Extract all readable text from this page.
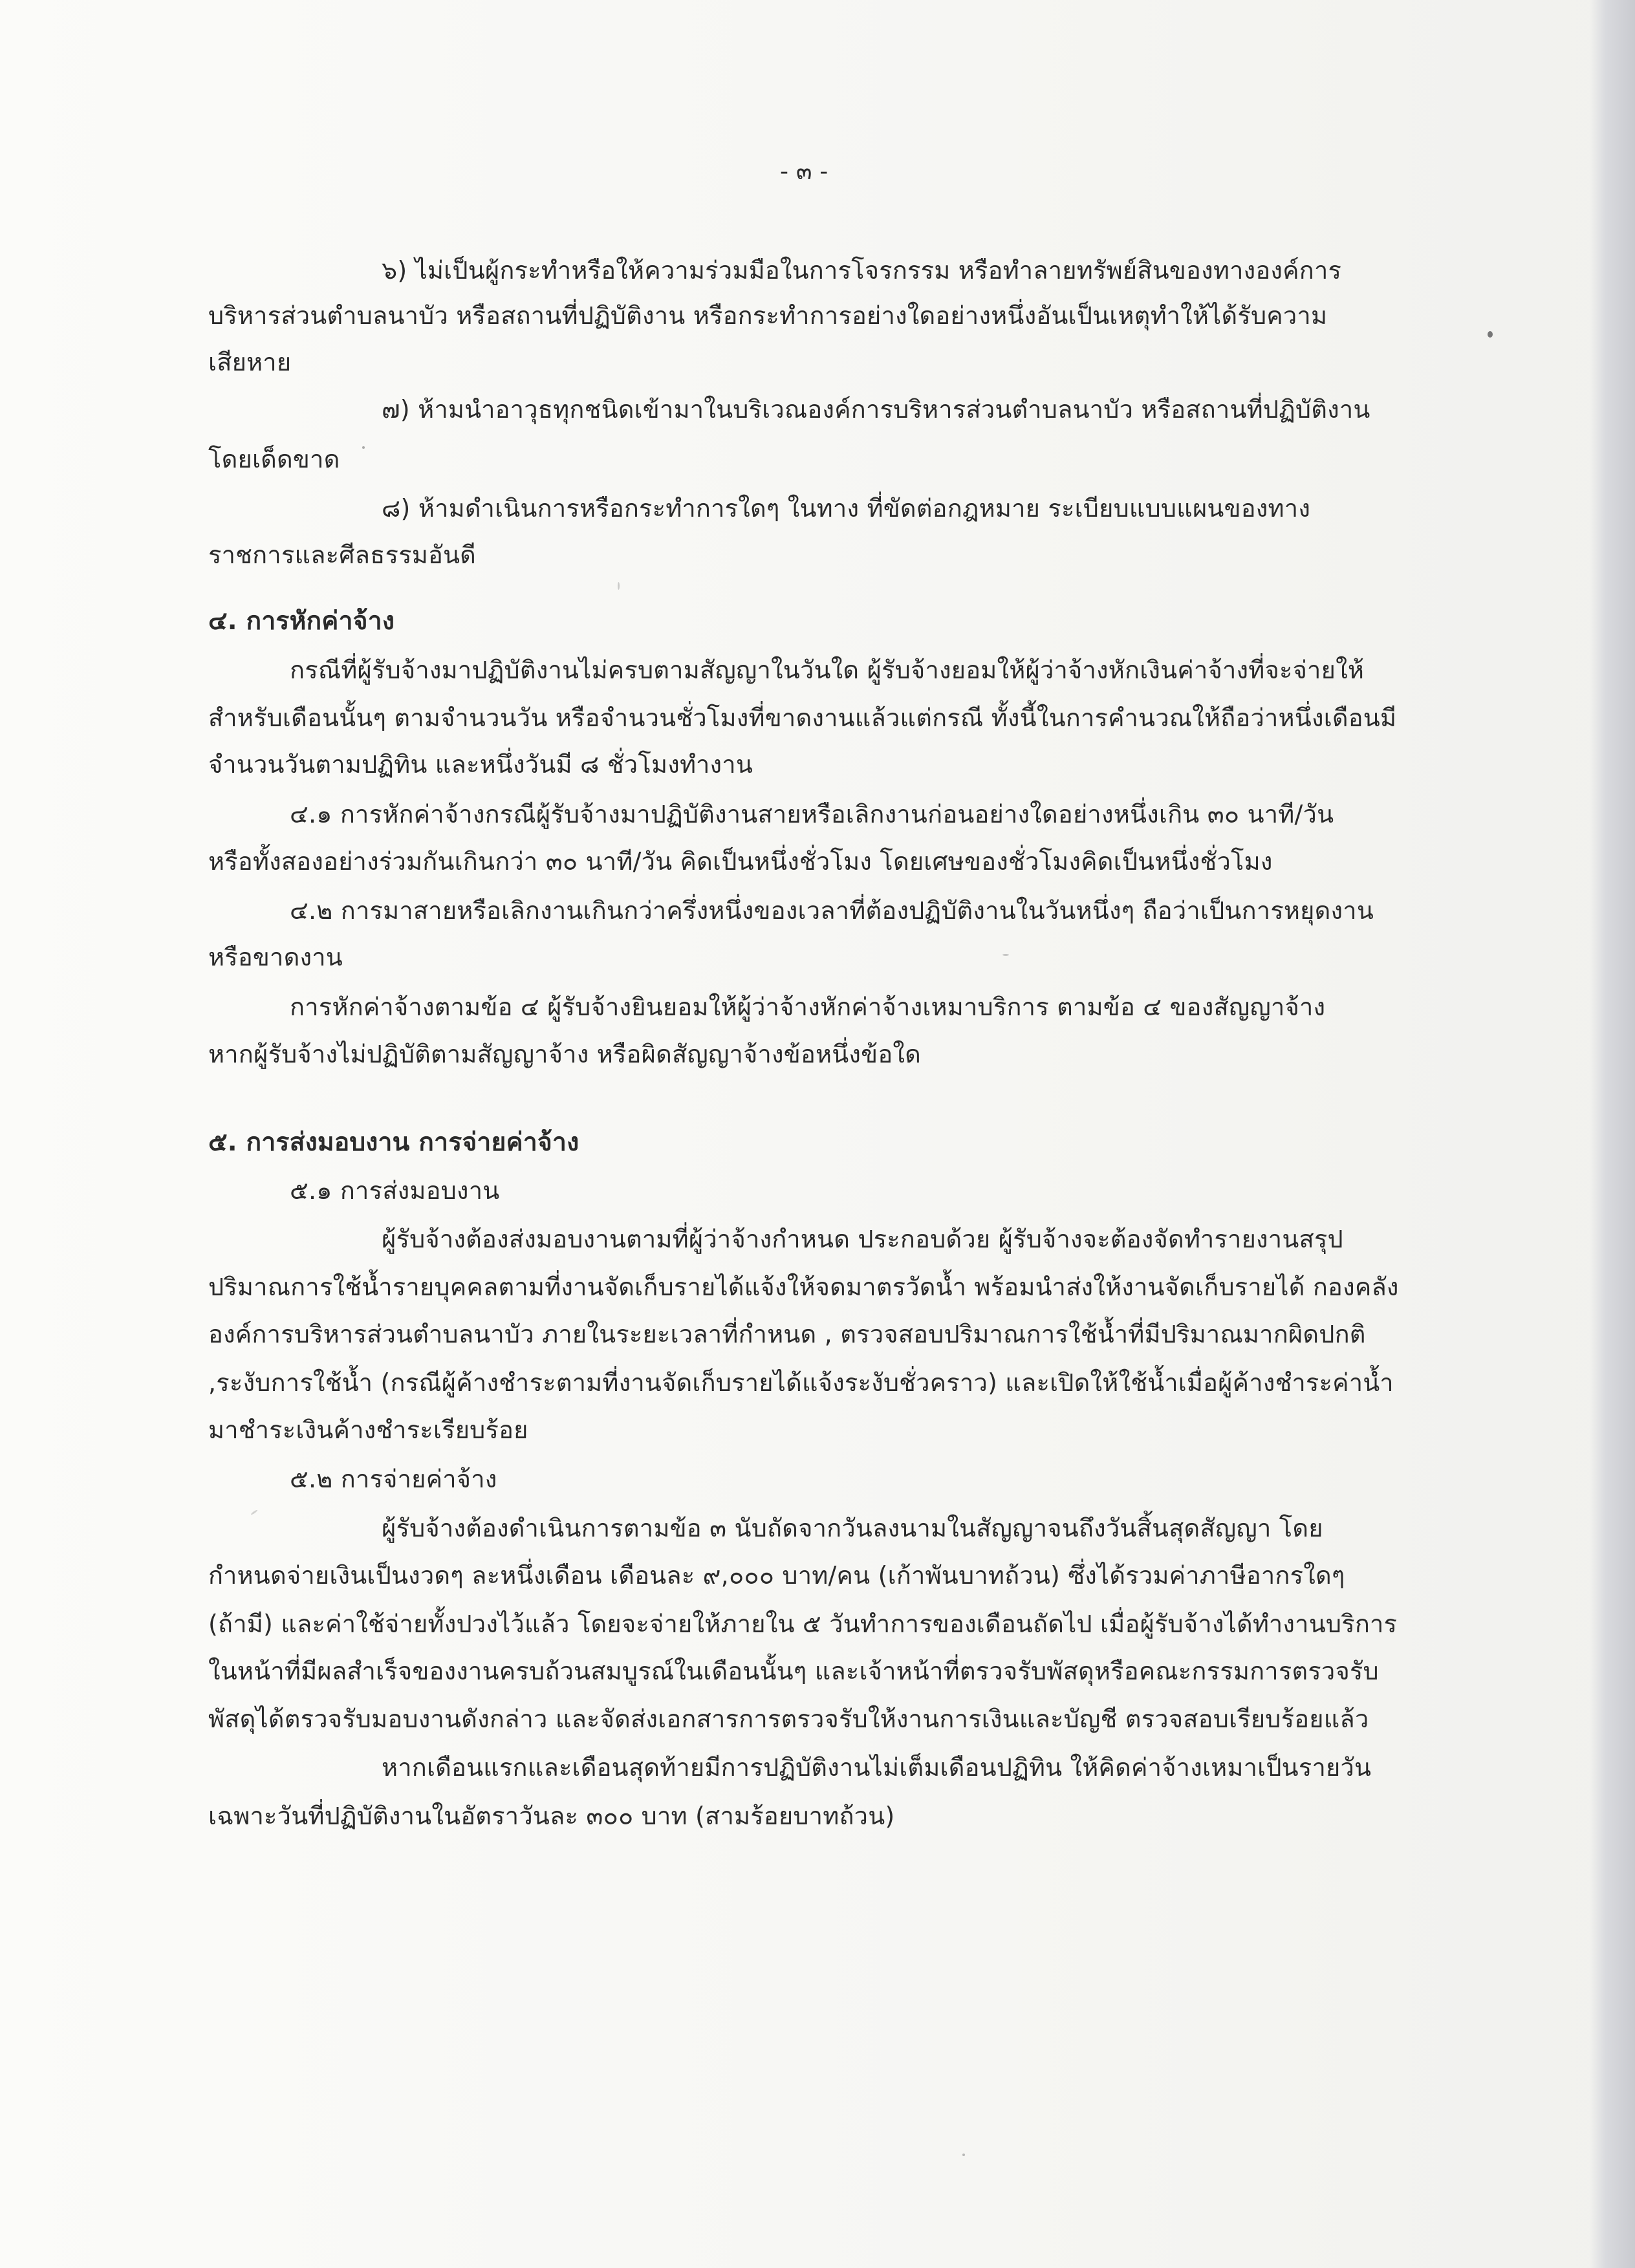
- ๓ -
๖) ไม่เป็นผู้กระทำหรือให้ความร่วมมือในการโจรกรรม หรือทำลายทรัพย์สินของทางองค์การ
บริหารส่วนตำบลนาบัว หรือสถานที่ปฏิบัติงาน หรือกระทำการอย่างใดอย่างหนึ่งอันเป็นเหตุทำให้ได้รับความ
เสียหาย
๗) ห้ามนำอาวุธทุกชนิดเข้ามาในบริเวณองค์การบริหารส่วนตำบลนาบัว หรือสถานที่ปฏิบัติงาน
โดยเด็ดขาด
๘) ห้ามดำเนินการหรือกระทำการใดๆ ในทาง ที่ขัดต่อกฎหมาย ระเบียบแบบแผนของทาง
ราชการและศีลธรรมอันดี
๔. การหักค่าจ้าง
กรณีที่ผู้รับจ้างมาปฏิบัติงานไม่ครบตามสัญญาในวันใด ผู้รับจ้างยอมให้ผู้ว่าจ้างหักเงินค่าจ้างที่จะจ่ายให้
สำหรับเดือนนั้นๆ ตามจำนวนวัน หรือจำนวนชั่วโมงที่ขาดงานแล้วแต่กรณี ทั้งนี้ในการคำนวณให้ถือว่าหนึ่งเดือนมี
จำนวนวันตามปฏิทิน และหนึ่งวันมี ๘ ชั่วโมงทำงาน
๔.๑ การหักค่าจ้างกรณีผู้รับจ้างมาปฏิบัติงานสายหรือเลิกงานก่อนอย่างใดอย่างหนึ่งเกิน ๓๐ นาที/วัน
หรือทั้งสองอย่างร่วมกันเกินกว่า ๓๐ นาที/วัน คิดเป็นหนึ่งชั่วโมง โดยเศษของชั่วโมงคิดเป็นหนึ่งชั่วโมง
๔.๒ การมาสายหรือเลิกงานเกินกว่าครึ่งหนึ่งของเวลาที่ต้องปฏิบัติงานในวันหนึ่งๆ ถือว่าเป็นการหยุดงาน
หรือขาดงาน
การหักค่าจ้างตามข้อ ๔ ผู้รับจ้างยินยอมให้ผู้ว่าจ้างหักค่าจ้างเหมาบริการ ตามข้อ ๔ ของสัญญาจ้าง
หากผู้รับจ้างไม่ปฏิบัติตามสัญญาจ้าง หรือผิดสัญญาจ้างข้อหนึ่งข้อใด
๕. การส่งมอบงาน การจ่ายค่าจ้าง
๕.๑ การส่งมอบงาน
ผู้รับจ้างต้องส่งมอบงานตามที่ผู้ว่าจ้างกำหนด ประกอบด้วย ผู้รับจ้างจะต้องจัดทำรายงานสรุป
ปริมาณการใช้น้ำรายบุคคลตามที่งานจัดเก็บรายได้แจ้งให้จดมาตรวัดน้ำ พร้อมนำส่งให้งานจัดเก็บรายได้ กองคลัง
องค์การบริหารส่วนตำบลนาบัว ภายในระยะเวลาที่กำหนด , ตรวจสอบปริมาณการใช้น้ำที่มีปริมาณมากผิดปกติ
,ระงับการใช้น้ำ (กรณีผู้ค้างชำระตามที่งานจัดเก็บรายได้แจ้งระงับชั่วคราว) และเปิดให้ใช้น้ำเมื่อผู้ค้างชำระค่าน้ำ
มาชำระเงินค้างชำระเรียบร้อย
๕.๒ การจ่ายค่าจ้าง
ผู้รับจ้างต้องดำเนินการตามข้อ ๓ นับถัดจากวันลงนามในสัญญาจนถึงวันสิ้นสุดสัญญา โดย
กำหนดจ่ายเงินเป็นงวดๆ ละหนึ่งเดือน เดือนละ ๙,๐๐๐ บาท/คน (เก้าพันบาทถ้วน) ซึ่งได้รวมค่าภาษีอากรใดๆ
(ถ้ามี) และค่าใช้จ่ายทั้งปวงไว้แล้ว โดยจะจ่ายให้ภายใน ๕ วันทำการของเดือนถัดไป เมื่อผู้รับจ้างได้ทำงานบริการ
ในหน้าที่มีผลสำเร็จของงานครบถ้วนสมบูรณ์ในเดือนนั้นๆ และเจ้าหน้าที่ตรวจรับพัสดุหรือคณะกรรมการตรวจรับ
พัสดุได้ตรวจรับมอบงานดังกล่าว และจัดส่งเอกสารการตรวจรับให้งานการเงินและบัญชี ตรวจสอบเรียบร้อยแล้ว
หากเดือนแรกและเดือนสุดท้ายมีการปฏิบัติงานไม่เต็มเดือนปฏิทิน ให้คิดค่าจ้างเหมาเป็นรายวัน
เฉพาะวันที่ปฏิบัติงานในอัตราวันละ ๓๐๐ บาท (สามร้อยบาทถ้วน)
